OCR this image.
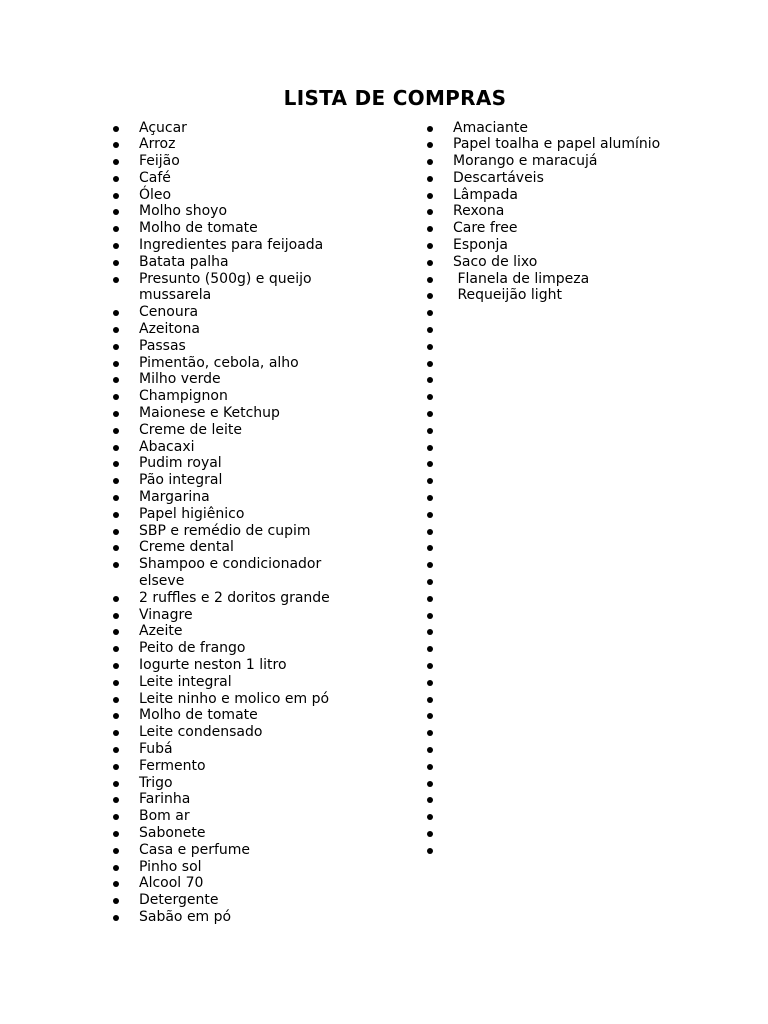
LISTA DE COMPRAS
Açucar
Arroz
Feijão
Café
Óleo
Molho shoyo
Molho de tomate
Ingredientes para feijoada
Batata palha
Presunto (500g) e queijo mussarela
Cenoura
Azeitona
Passas
Pimentão, cebola, alho
Milho verde
Champignon
Maionese e Ketchup
Creme de leite
Abacaxi
Pudim royal
Pão integral
Margarina
Papel higiênico
SBP e remédio de cupim
Creme dental
Shampoo e condicionador elseve
2 ruffles e 2 doritos grande
Vinagre
Azeite
Peito de frango
Iogurte neston 1 litro
Leite integral
Leite ninho e molico em pó
Molho de tomate
Leite condensado
Fubá
Fermento
Trigo
Farinha
Bom ar
Sabonete
Casa e perfume
Pinho sol
Alcool 70
Detergente
Sabão em pó
Amaciante
Papel toalha e papel alumínio
Morango e maracujá
Descartáveis
Lâmpada
Rexona
Care free
Esponja
Saco de lixo
Flanela de limpeza
Requeijão light
